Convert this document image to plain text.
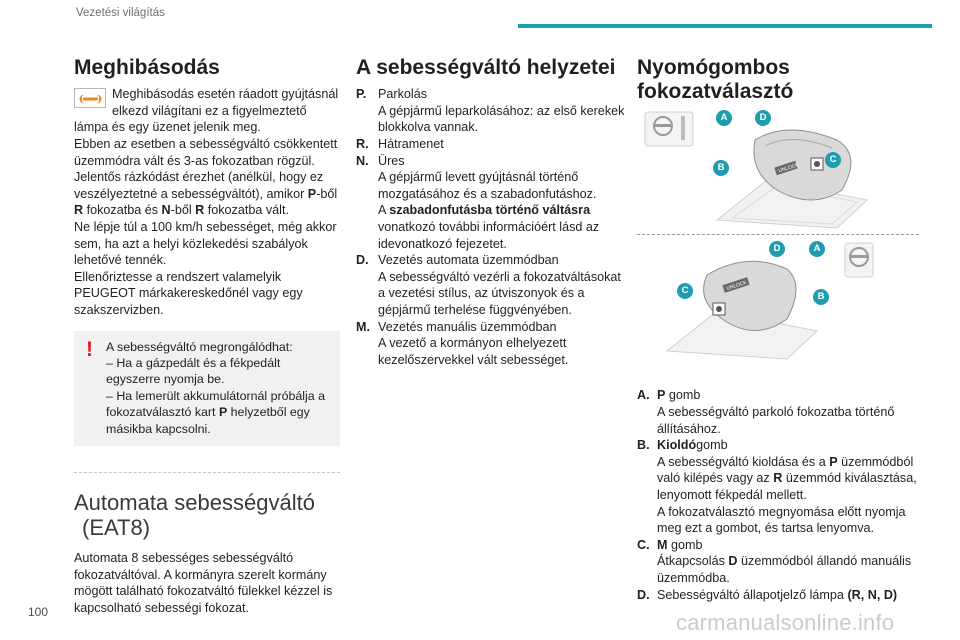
Vezetési világítás
Meghibásodás

Meghibásodás esetén ráadott gyújtásnál elkezd világítani ez a figyelmeztető lámpa és egy üzenet jelenik meg.

Ebben az esetben a sebességváltó csökkentett üzemmódra vált és 3-as fokozatban rögzül.

Jelentős rázkódást érezhet (anélkül, hogy ez veszélyeztetné a sebességváltót), amikor P-ből R fokozatba és N-ből R fokozatba vált.

Ne lépje túl a 100 km/h sebességet, még akkor sem, ha azt a helyi közlekedési szabályok lehetővé tennék.

Ellenőriztesse a rendszert valamelyik PEUGEOT márkakereskedőnél vagy egy szakszervizben.

! A sebességváltó megrongálódhat:

– Ha a gázpedált és a fékpedált egyszerre nyomja be.

– Ha lemerült akkumulátornál próbálja a fokozatválasztó kart P helyzetből egy másikba kapcsolni.

Automata sebességváltó
(EAT8)

Automata 8 sebességes sebességváltó fokozatváltóval. A kormányra szerelt kormány mögött található fokozatváltó fülekkel kézzel is kapcsolható sebességi fokozat.

A sebességváltó helyzetei
P. Parkolás

A gépjármű leparkolásához: az első kerekek blokkolva vannak.

R. Hátramenet

N. Üres

A gépjármű levett gyújtásnál történő mozgatásához és a szabadonfutáshoz.

A szabadonfutásba történő váltásra vonatkozó további információért lásd az idevonatkozó fejezetet.

D. Vezetés automata üzemmódban

A sebességváltó vezérli a fokozatváltásokat a vezetési stílus, az útviszonyok és a gépjármű terhelése függvényében.

M. Vezetés manuális üzemmódban

A vezető a kormányon elhelyezett kezelőszervekkel vált sebességet.

Nyomógombos
fokozatválasztó
UNLOCK
A	D
C
B
UNLOCK
D	A
C
B
A. P gomb

A sebességváltó parkoló fokozatba történő állításához.

B. Kioldógomb

A sebességváltó kioldása és a P üzemmódból való kilépés vagy az R üzemmód kiválasztása, lenyomott fékpedál mellett.

A fokozatválasztó megnyomása előtt nyomja meg ezt a gombot, és tartsa lenyomva.

C. M gomb

Átkapcsolás D üzemmódból állandó manuális üzemmódba.

D. Sebességváltó állapotjelző lámpa (R, N, D)

100	carmanualsonline.info
